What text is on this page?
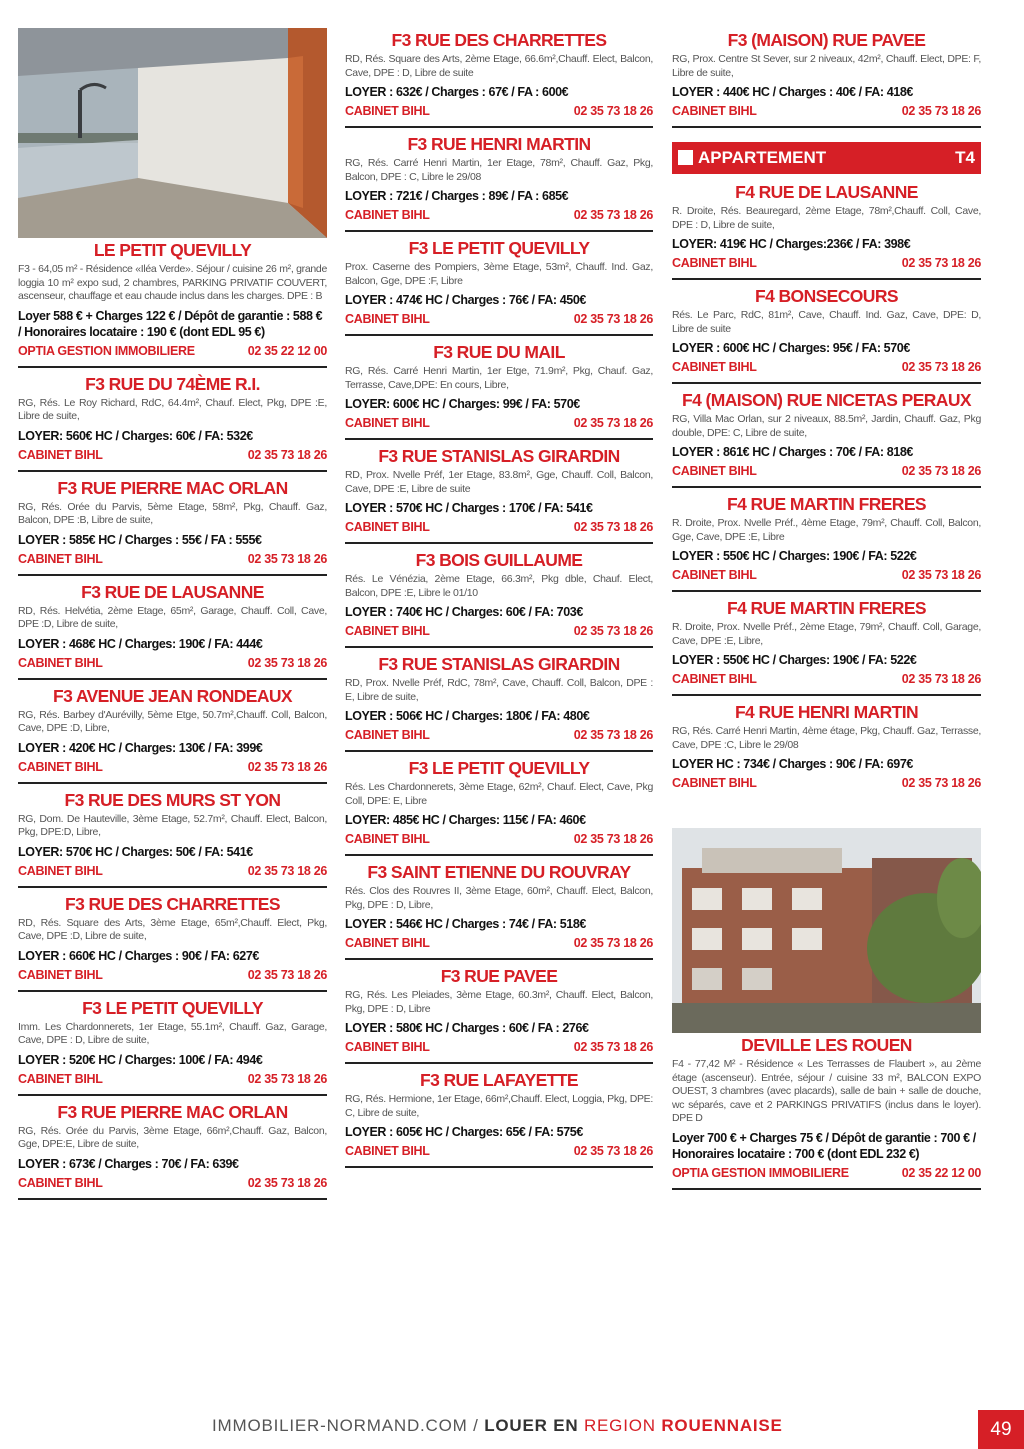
LE PETIT QUEVILLY

F3 - 64,05 m² - Résidence «Iléa Verde». Séjour / cuisine 26 m², grande loggia 10 m² expo sud, 2 chambres, PARKING PRIVATIF COUVERT, ascenseur, chauffage et eau chaude inclus dans les charges. DPE : B

Loyer 588 € + Charges 122 € / Dépôt de garantie : 588 € / Honoraires locataire : 190 € (dont EDL 95 €)

OPTIA GESTION IMMOBILIERE	02 35 22 12 00
F3 RUE DU 74ÈME R.I.

RG, Rés. Le Roy Richard, RdC, 64.4m², Chauf. Elect, Pkg, DPE :E, Libre de suite,

LOYER: 560€ HC / Charges: 60€ / FA: 532€

CABINET BIHL	02 35 73 18 26
F3 RUE PIERRE MAC ORLAN

RG, Rés. Orée du Parvis, 5ème Etage, 58m², Pkg, Chauff. Gaz, Balcon, DPE :B, Libre de suite,

LOYER : 585€ HC / Charges : 55€ / FA : 555€

CABINET BIHL	02 35 73 18 26
F3 RUE DE LAUSANNE

RD, Rés. Helvétia, 2ème Etage, 65m², Garage, Chauff. Coll, Cave, DPE :D, Libre de suite,

LOYER : 468€ HC / Charges: 190€ / FA: 444€

CABINET BIHL	02 35 73 18 26
F3 AVENUE JEAN RONDEAUX

RG, Rés. Barbey d'Aurévilly, 5ème Etge, 50.7m²,Chauff. Coll, Balcon, Cave, DPE :D, Libre,

LOYER : 420€ HC / Charges: 130€ / FA: 399€

CABINET BIHL	02 35 73 18 26
F3 RUE DES MURS ST YON

RG, Dom. De Hauteville, 3ème Etage, 52.7m², Chauff. Elect, Balcon, Pkg, DPE:D, Libre,

LOYER: 570€ HC / Charges: 50€ / FA: 541€

CABINET BIHL	02 35 73 18 26
F3 RUE DES CHARRETTES

RD, Rés. Square des Arts, 3ème Etage, 65m²,Chauff. Elect, Pkg, Cave, DPE :D, Libre de suite,

LOYER : 660€ HC / Charges : 90€ / FA: 627€

CABINET BIHL	02 35 73 18 26
F3 LE PETIT QUEVILLY

Imm. Les Chardonnerets, 1er Etage, 55.1m², Chauff. Gaz, Garage, Cave, DPE : D, Libre de suite,

LOYER : 520€ HC / Charges: 100€ / FA: 494€

CABINET BIHL	02 35 73 18 26
F3 RUE PIERRE MAC ORLAN

RG, Rés. Orée du Parvis, 3ème Etage, 66m²,Chauff. Gaz, Balcon, Gge, DPE:E, Libre de suite,

LOYER : 673€ / Charges : 70€ / FA: 639€

CABINET BIHL	02 35 73 18 26
F3 RUE DES CHARRETTES

RD, Rés. Square des Arts, 2ème Etage, 66.6m²,Chauff. Elect, Balcon, Cave, DPE : D, Libre de suite

LOYER : 632€ / Charges : 67€ / FA : 600€

CABINET BIHL	02 35 73 18 26
F3 RUE HENRI MARTIN

RG, Rés. Carré Henri Martin, 1er Etage, 78m², Chauff. Gaz, Pkg, Balcon, DPE : C, Libre le 29/08

LOYER : 721€ / Charges : 89€ / FA : 685€

CABINET BIHL	02 35 73 18 26
F3 LE PETIT QUEVILLY

Prox. Caserne des Pompiers, 3ème Etage, 53m², Chauff. Ind. Gaz, Balcon, Gge, DPE :F, Libre

LOYER : 474€ HC / Charges : 76€ / FA: 450€

CABINET BIHL	02 35 73 18 26
F3 RUE DU MAIL

RG, Rés. Carré Henri Martin, 1er Etge, 71.9m², Pkg, Chauf. Gaz, Terrasse, Cave,DPE: En cours, Libre,

LOYER: 600€ HC / Charges: 99€ / FA: 570€

CABINET BIHL	02 35 73 18 26
F3 RUE STANISLAS GIRARDIN

RD, Prox. Nvelle Préf, 1er Etage, 83.8m², Gge, Chauff. Coll, Balcon, Cave, DPE :E, Libre de suite

LOYER : 570€ HC / Charges : 170€ / FA: 541€

CABINET BIHL	02 35 73 18 26
F3 BOIS GUILLAUME

Rés. Le Vénézia, 2ème Etage, 66.3m², Pkg dble, Chauf. Elect, Balcon, DPE :E, Libre le 01/10

LOYER : 740€ HC / Charges: 60€ / FA: 703€

CABINET BIHL	02 35 73 18 26
F3 RUE STANISLAS GIRARDIN

RD, Prox. Nvelle Préf, RdC, 78m², Cave, Chauff. Coll, Balcon, DPE : E, Libre de suite,

LOYER : 506€ HC / Charges: 180€ / FA: 480€

CABINET BIHL	02 35 73 18 26
F3 LE PETIT QUEVILLY

Rés. Les Chardonnerets, 3ème Etage, 62m², Chauf. Elect, Cave, Pkg Coll, DPE: E, Libre

LOYER: 485€ HC / Charges: 115€ / FA: 460€

CABINET BIHL	02 35 73 18 26
F3 SAINT ETIENNE DU ROUVRAY

Rés. Clos des Rouvres II, 3ème Etage, 60m², Chauff. Elect, Balcon, Pkg, DPE : D, Libre,

LOYER : 546€ HC / Charges : 74€ / FA: 518€

CABINET BIHL	02 35 73 18 26
F3 RUE PAVEE

RG, Rés. Les Pleiades, 3ème Etage, 60.3m², Chauff. Elect, Balcon, Pkg, DPE : D, Libre

LOYER : 580€ HC / Charges : 60€ / FA : 276€

CABINET BIHL	02 35 73 18 26
F3 RUE LAFAYETTE

RG, Rés. Hermione, 1er Etage, 66m²,Chauff. Elect, Loggia, Pkg, DPE: C, Libre de suite,

LOYER : 605€ HC / Charges: 65€ / FA: 575€

CABINET BIHL	02 35 73 18 26
F3 (MAISON) RUE PAVEE

RG, Prox. Centre St Sever, sur 2 niveaux, 42m², Chauff. Elect, DPE: F, Libre de suite,

LOYER : 440€ HC / Charges : 40€ / FA: 418€

CABINET BIHL	02 35 73 18 26
APPARTEMENT	T4
F4 RUE DE LAUSANNE

R. Droite, Rés. Beauregard, 2ème Etage, 78m²,Chauff. Coll, Cave, DPE : D, Libre de suite,

LOYER: 419€ HC / Charges:236€ / FA: 398€

CABINET BIHL	02 35 73 18 26
F4 BONSECOURS

Rés. Le Parc, RdC, 81m², Cave, Chauff. Ind. Gaz, Cave, DPE: D, Libre de suite

LOYER : 600€ HC / Charges: 95€ / FA: 570€

CABINET BIHL	02 35 73 18 26
F4 (MAISON) RUE NICETAS PERAUX

RG, Villa Mac Orlan, sur 2 niveaux, 88.5m², Jardin, Chauff. Gaz, Pkg double, DPE: C, Libre de suite,

LOYER : 861€ HC / Charges : 70€ / FA: 818€

CABINET BIHL	02 35 73 18 26
F4 RUE MARTIN FRERES

R. Droite, Prox. Nvelle Préf., 4ème Etage, 79m², Chauff. Coll, Balcon, Gge, Cave, DPE :E, Libre

LOYER : 550€ HC / Charges: 190€ / FA: 522€

CABINET BIHL	02 35 73 18 26
F4 RUE MARTIN FRERES

R. Droite, Prox. Nvelle Préf., 2ème Etage, 79m², Chauff. Coll, Garage, Cave, DPE :E, Libre,

LOYER : 550€ HC / Charges: 190€ / FA: 522€

CABINET BIHL	02 35 73 18 26
F4 RUE HENRI MARTIN

RG, Rés. Carré Henri Martin, 4ème étage, Pkg, Chauff. Gaz, Terrasse, Cave, DPE :C, Libre le 29/08

LOYER HC : 734€ / Charges : 90€ / FA: 697€

CABINET BIHL	02 35 73 18 26
DEVILLE LES ROUEN

F4 - 77,42 M² - Résidence « Les Terrasses de Flaubert », au 2ème étage (ascenseur). Entrée, séjour / cuisine 33 m², BALCON EXPO OUEST, 3 chambres (avec placards), salle de bain + salle de douche, wc séparés, cave et 2 PARKINGS PRIVATIFS (inclus dans le loyer). DPE D

Loyer 700 € + Charges 75 € / Dépôt de garantie : 700 € / Honoraires locataire : 700 € (dont EDL 232 €)

OPTIA GESTION IMMOBILIERE	02 35 22 12 00
IMMOBILIER-NORMAND.COM / LOUER EN REGION ROUENNAISE	49
